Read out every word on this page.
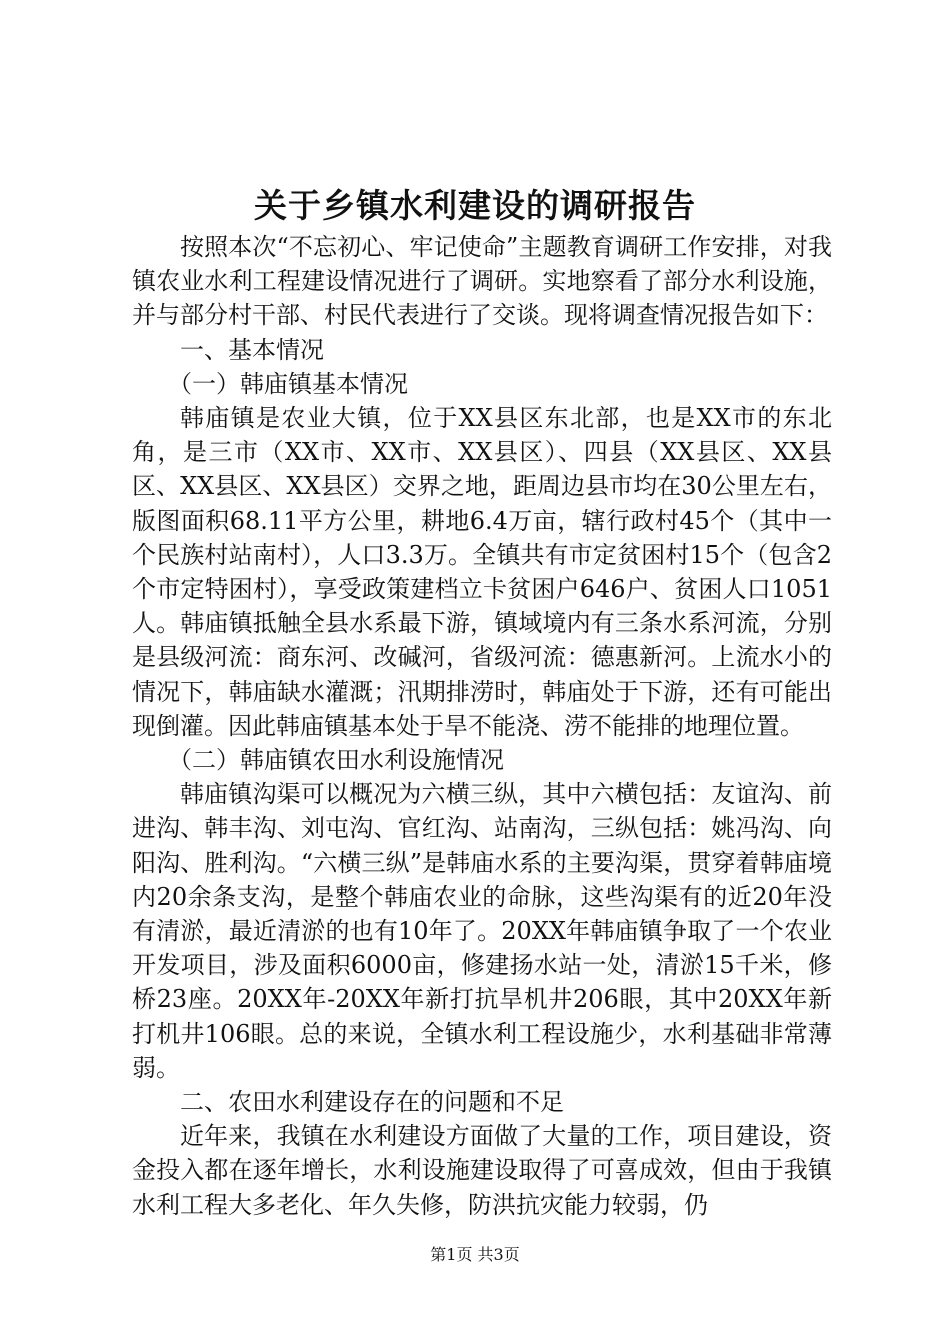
关于乡镇水利建设的调研报告

按照本次“不忘初心、牢记使命”主题教育调研工作安排，对我镇农业水利工程建设情况进行了调研。实地察看了部分水利设施，并与部分村干部、村民代表进行了交谈。现将调查情况报告如下：

一、基本情况

（一）韩庙镇基本情况

韩庙镇是农业大镇，位于XX县区东北部，也是XX市的东北角，是三市（XX市、XX市、XX县区）、四县（XX县区、XX县区、XX县区、XX县区）交界之地，距周边县市均在30公里左右，版图面积68.11平方公里，耕地6.4万亩，辖行政村45个（其中一个民族村站南村），人口3.3万。全镇共有市定贫困村15个（包含2个市定特困村），享受政策建档立卡贫困户646户、贫困人口1051人。韩庙镇抵触全县水系最下游，镇域境内有三条水系河流，分别是县级河流：商东河、改碱河，省级河流：德惠新河。上流水小的情况下，韩庙缺水灌溉；汛期排涝时，韩庙处于下游，还有可能出现倒灌。因此韩庙镇基本处于旱不能浇、涝不能排的地理位置。

（二）韩庙镇农田水利设施情况

韩庙镇沟渠可以概况为六横三纵，其中六横包括：友谊沟、前进沟、韩丰沟、刘屯沟、官红沟、站南沟，三纵包括：姚冯沟、向阳沟、胜利沟。“六横三纵”是韩庙水系的主要沟渠，贯穿着韩庙境内20余条支沟，是整个韩庙农业的命脉，这些沟渠有的近20年没有清淤，最近清淤的也有10年了。20XX年韩庙镇争取了一个农业开发项目，涉及面积6000亩，修建扬水站一处，清淤15千米，修桥23座。20XX年-20XX年新打抗旱机井206眼，其中20XX年新打机井106眼。总的来说，全镇水利工程设施少，水利基础非常薄弱。

二、农田水利建设存在的问题和不足

近年来，我镇在水利建设方面做了大量的工作，项目建设，资金投入都在逐年增长，水利设施建设取得了可喜成效，但由于我镇水利工程大多老化、年久失修，防洪抗灾能力较弱，仍

第1页 共3页
